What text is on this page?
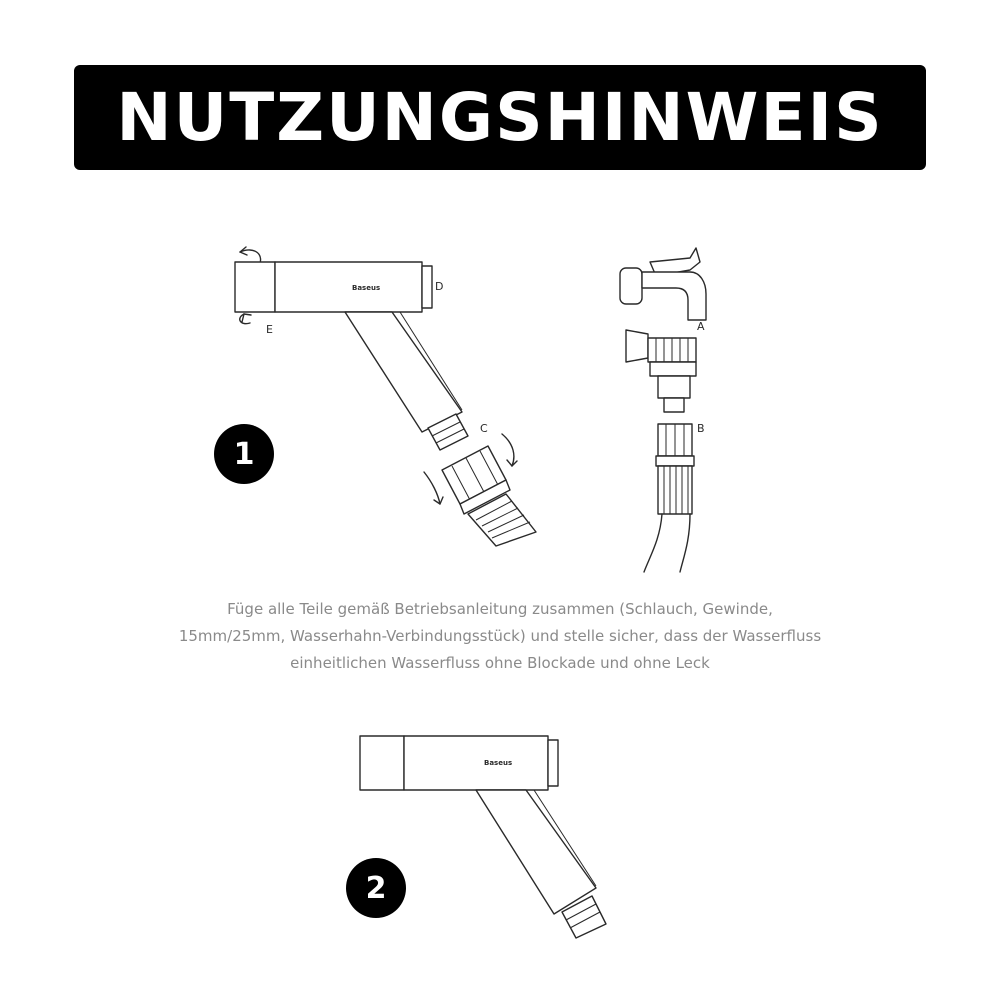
NUTZUNGSHINWEIS
Baseus	D
E
C
A
B
1
Füge alle Teile gemäß Betriebsanleitung zusammen (Schlauch, Gewinde,
15mm/25mm, Wasserhahn-Verbindungsstück) und stelle sicher, dass der Wasserfluss
einheitlichen Wasserfluss ohne Blockade und ohne Leck
Baseus
2
